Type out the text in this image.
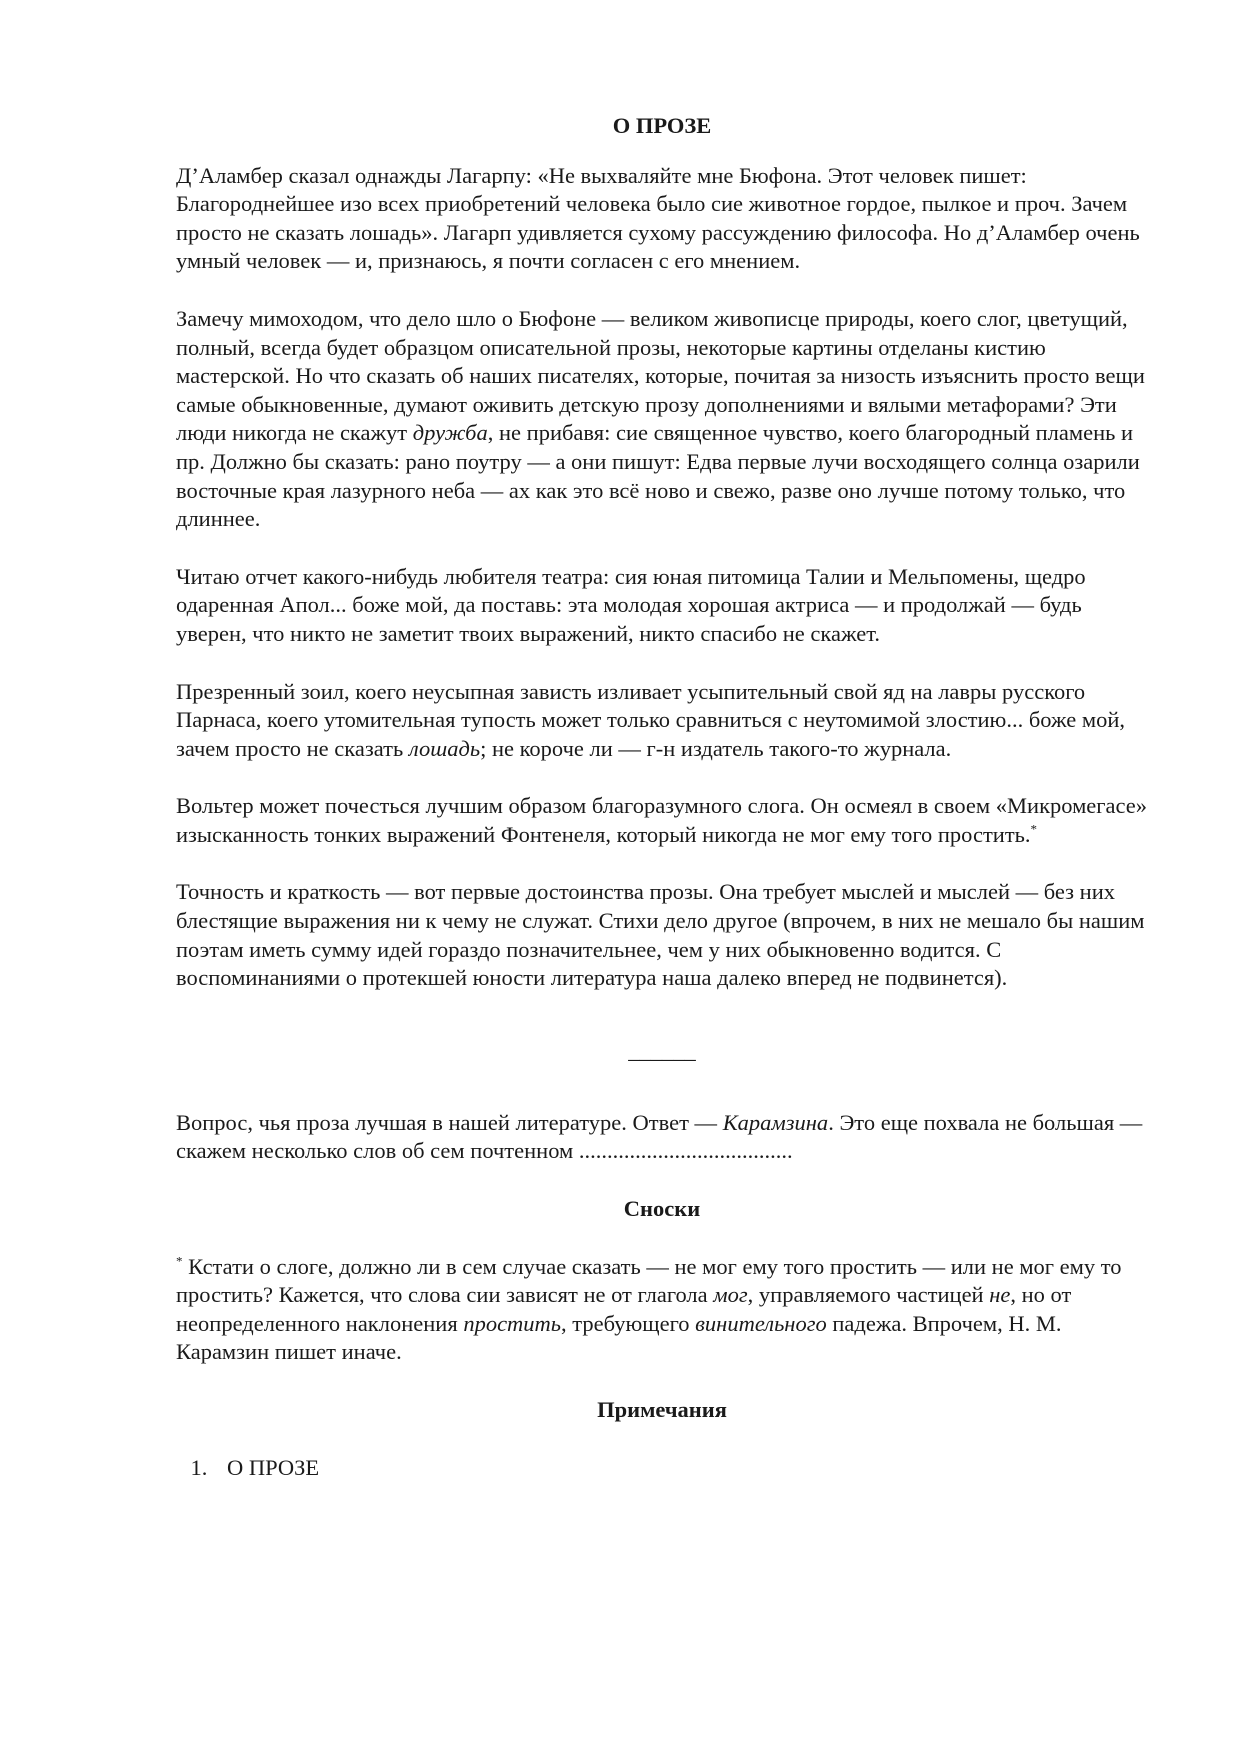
О ПРОЗЕ

Д’Аламбер сказал однажды Лагарпу: «Не выхваляйте мне Бюфона. Этот человек пишет: Благороднейшее изо всех приобретений человека было сие животное гордое, пылкое и проч. Зачем просто не сказать лошадь». Лагарп удивляется сухому рассуждению философа. Но д’Аламбер очень умный человек — и, признаюсь, я почти согласен с его мнением.

Замечу мимоходом, что дело шло о Бюфоне — великом живописце природы, коего слог, цветущий, полный, всегда будет образцом описательной прозы, некоторые картины отделаны кистию мастерской. Но что сказать об наших писателях, которые, почитая за низость изъяснить просто вещи самые обыкновенные, думают оживить детскую прозу дополнениями и вялыми метафорами? Эти люди никогда не скажут дружба, не прибавя: сие священное чувство, коего благородный пламень и пр. Должно бы сказать: рано поутру — а они пишут: Едва первые лучи восходящего солнца озарили восточные края лазурного неба — ах как это всё ново и свежо, разве оно лучше потому только, что длиннее.

Читаю отчет какого-нибудь любителя театра: сия юная питомица Талии и Мельпомены, щедро одаренная Апол... боже мой, да поставь: эта молодая хорошая актриса — и продолжай — будь уверен, что никто не заметит твоих выражений, никто спасибо не скажет.

Презренный зоил, коего неусыпная зависть изливает усыпительный свой яд на лавры русского Парнаса, коего утомительная тупость может только сравниться с неутомимой злостию... боже мой, зачем просто не сказать лошадь; не короче ли — г-н издатель такого-то журнала.

Вольтер может почесться лучшим образом благоразумного слога. Он осмеял в своем «Микромегасе» изысканность тонких выражений Фонтенеля, который никогда не мог ему того простить.*

Точность и краткость — вот первые достоинства прозы. Она требует мыслей и мыслей — без них блестящие выражения ни к чему не служат. Стихи дело другое (впрочем, в них не мешало бы нашим поэтам иметь сумму идей гораздо позначительнее, чем у них обыкновенно водится. С воспоминаниями о протекшей юности литература наша далеко вперед не подвинется).

______

Вопрос, чья проза лучшая в нашей литературе. Ответ — Карамзина. Это еще похвала не большая — скажем несколько слов об сем почтенном ......................................

Сноски

* Кстати о слоге, должно ли в сем случае сказать — не мог ему того простить — или не мог ему то простить? Кажется, что слова сии зависят не от глагола мог, управляемого частицей не, но от неопределенного наклонения простить, требующего винительного падежа. Впрочем, Н. М. Карамзин пишет иначе.

Примечания
1. О ПРОЗЕ
